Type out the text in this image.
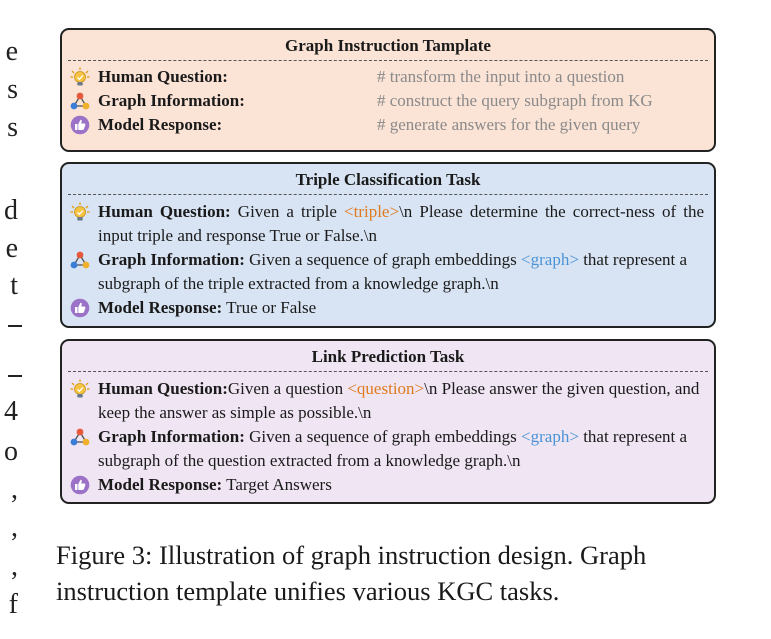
e
s
s
d
e
t
4
o
,
,
,
f
Graph Instruction Tamplate
Human Question:	# transform the input into a question
Graph Information:	# construct the query subgraph from KG
Model Response:	# generate answers for the given query
Triple Classification Task
Human Question: Given a triple <triple>\n Please determine the correct-ness of the input triple and response True or False.\n
Graph Information: Given a sequence of graph embeddings <graph> that represent a subgraph of the triple extracted from a knowledge graph.\n
Model Response: True or False
Link Prediction Task
Human Question:Given a question <question>\n Please answer the given question, and keep the answer as simple as possible.\n
Graph Information: Given a sequence of graph embeddings <graph> that represent a subgraph of the question extracted from a knowledge graph.\n
Model Response: Target Answers
Figure 3: Illustration of graph instruction design. Graph instruction template unifies various KGC tasks.
